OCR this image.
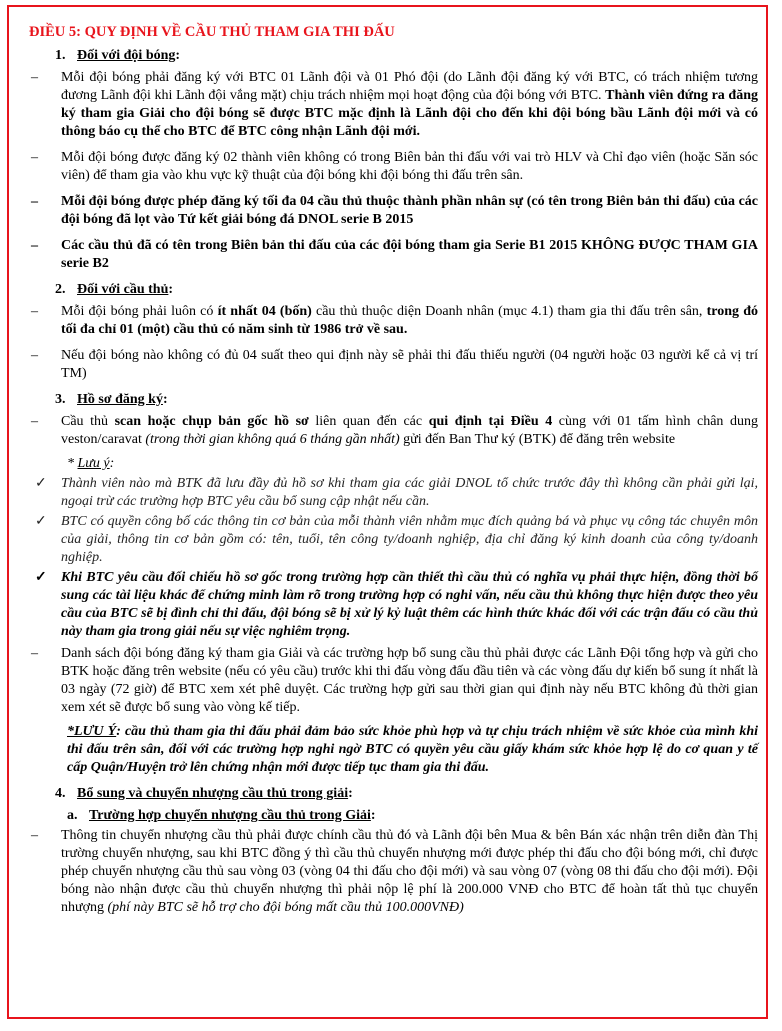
ĐIỀU 5: QUY ĐỊNH VỀ CẦU THỦ THAM GIA THI ĐẤU
1. Đối với đội bóng:
– Mỗi đội bóng phải đăng ký với BTC 01 Lãnh đội và 01 Phó đội (do Lãnh đội đăng ký với BTC, có trách nhiệm tương đương Lãnh đội khi Lãnh đội vắng mặt) chịu trách nhiệm mọi hoạt động của đội bóng với BTC. Thành viên đứng ra đăng ký tham gia Giải cho đội bóng sẽ được BTC mặc định là Lãnh đội cho đến khi đội bóng bầu Lãnh đội mới và có thông báo cụ thể cho BTC để BTC công nhận Lãnh đội mới.
– Mỗi đội bóng được đăng ký 02 thành viên không có trong Biên bản thi đấu với vai trò HLV và Chỉ đạo viên (hoặc Săn sóc viên) để tham gia vào khu vực kỹ thuật của đội bóng khi đội bóng thi đấu trên sân.
– Mỗi đội bóng được phép đăng ký tối đa 04 cầu thủ thuộc thành phần nhân sự (có tên trong Biên bản thi đấu) của các đội bóng đã lọt vào Tứ kết giải bóng đá DNOL serie B 2015
– Các cầu thủ đã có tên trong Biên bản thi đấu của các đội bóng tham gia Serie B1 2015 KHÔNG ĐƯỢC THAM GIA serie B2
2. Đối với cầu thủ:
– Mỗi đội bóng phải luôn có ít nhất 04 (bốn) cầu thủ thuộc diện Doanh nhân (mục 4.1) tham gia thi đấu trên sân, trong đó tối đa chỉ 01 (một) cầu thủ có năm sinh từ 1986 trở về sau.
– Nếu đội bóng nào không có đủ 04 suất theo qui định này sẽ phải thi đấu thiếu người (04 người hoặc 03 người kể cả vị trí TM)
3. Hồ sơ đăng ký:
– Cầu thủ scan hoặc chụp bản gốc hồ sơ liên quan đến các qui định tại Điều 4 cùng với 01 tấm hình chân dung veston/caravat (trong thời gian không quá 6 tháng gần nhất) gửi đến Ban Thư ký (BTK) để đăng trên website
* Lưu ý:
✓ Thành viên nào mà BTK đã lưu đầy đủ hồ sơ khi tham gia các giải DNOL tổ chức trước đây thì không cần phải gửi lại, ngoại trừ các trường hợp BTC yêu cầu bổ sung cập nhật nếu cần.
✓ BTC có quyền công bố các thông tin cơ bản của mỗi thành viên nhằm mục đích quảng bá và phục vụ công tác chuyên môn của giải, thông tin cơ bản gồm có: tên, tuổi, tên công ty/doanh nghiệp, địa chỉ đăng ký kinh doanh của công ty/doanh nghiệp.
✓ Khi BTC yêu cầu đối chiếu hồ sơ gốc trong trường hợp cần thiết thì cầu thủ có nghĩa vụ phải thực hiện, đồng thời bổ sung các tài liệu khác để chứng minh làm rõ trong trường hợp có nghi vấn, nếu cầu thủ không thực hiện được theo yêu cầu của BTC sẽ bị đình chỉ thi đấu, đội bóng sẽ bị xử lý kỷ luật thêm các hình thức khác đối với các trận đấu có cầu thủ này tham gia trong giải nếu sự việc nghiêm trọng.
– Danh sách đội bóng đăng ký tham gia Giải và các trường hợp bổ sung cầu thủ phải được các Lãnh Đội tổng hợp và gửi cho BTK hoặc đăng trên website (nếu có yêu cầu) trước khi thi đấu vòng đấu đầu tiên và các vòng đấu dự kiến bổ sung ít nhất là 03 ngày (72 giờ) để BTC xem xét phê duyệt. Các trường hợp gửi sau thời gian qui định này nếu BTC không đủ thời gian xem xét sẽ được bổ sung vào vòng kế tiếp.
*LƯU Ý: cầu thủ tham gia thi đấu phải đảm bảo sức khỏe phù hợp và tự chịu trách nhiệm về sức khỏe của mình khi thi đấu trên sân, đối với các trường hợp nghi ngờ BTC có quyền yêu cầu giấy khám sức khỏe hợp lệ do cơ quan y tế cấp Quận/Huyện trở lên chứng nhận mới được tiếp tục tham gia thi đấu.
4. Bổ sung và chuyển nhượng cầu thủ trong giải:
a. Trường hợp chuyển nhượng cầu thủ trong Giải:
– Thông tin chuyển nhượng cầu thủ phải được chính cầu thủ đó và Lãnh đội bên Mua & bên Bán xác nhận trên diễn đàn Thị trường chuyển nhượng, sau khi BTC đồng ý thì cầu thủ chuyển nhượng mới được phép thi đấu cho đội bóng mới, chỉ được phép chuyển nhượng cầu thủ sau vòng 03 (vòng 04 thi đấu cho đội mới) và sau vòng 07 (vòng 08 thi đấu cho đội mới). Đội bóng nào nhận được cầu thủ chuyển nhượng thì phải nộp lệ phí là 200.000 VNĐ cho BTC để hoàn tất thủ tục chuyển nhượng (phí này BTC sẽ hỗ trợ cho đội bóng mất cầu thủ 100.000VNĐ)
